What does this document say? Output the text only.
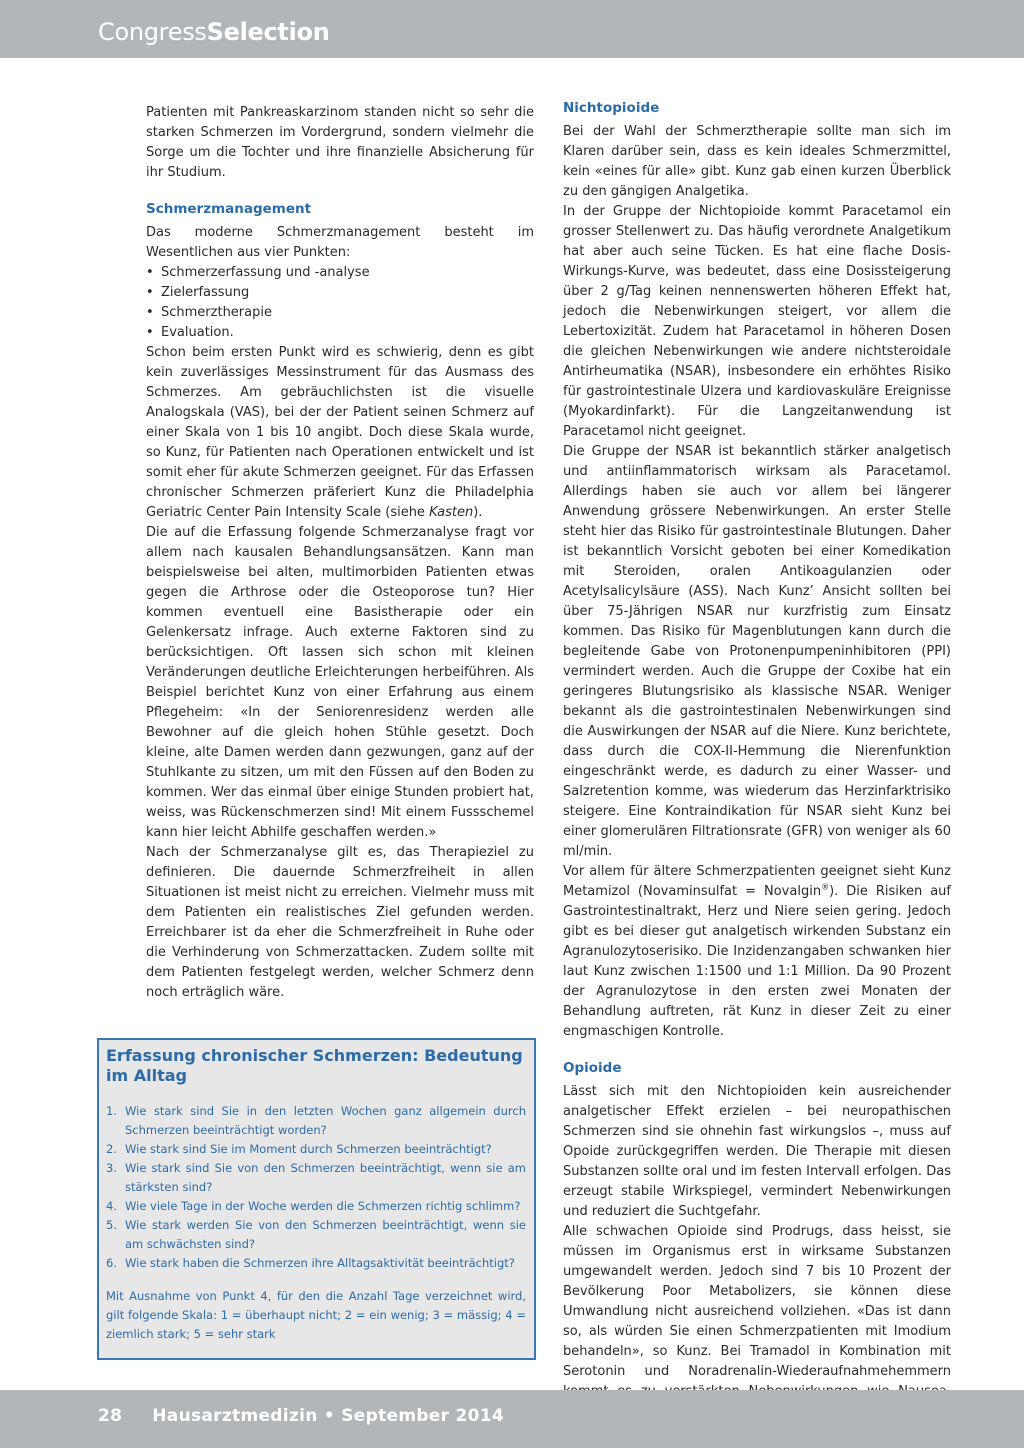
CongressSelection

Patienten mit Pankreaskarzinom standen nicht so sehr die starken Schmerzen im Vordergrund, sondern vielmehr die Sorge um die Tochter und ihre finanzielle Absicherung für ihr Studium.

Schmerzmanagement

Das moderne Schmerzmanagement besteht im Wesentlichen aus vier Punkten:

• Schmerzerfassung und -analyse
• Zielerfassung
• Schmerztherapie
• Evaluation.

Schon beim ersten Punkt wird es schwierig, denn es gibt kein zuverlässiges Messinstrument für das Ausmass des Schmerzes. Am gebräuchlichsten ist die visuelle Analogskala (VAS), bei der der Patient seinen Schmerz auf einer Skala von 1 bis 10 angibt. Doch diese Skala wurde, so Kunz, für Patienten nach Operationen entwickelt und ist somit eher für akute Schmerzen geeignet. Für das Erfassen chronischer Schmerzen präferiert Kunz die Philadelphia Geriatric Center Pain Intensity Scale (siehe Kasten).

Die auf die Erfassung folgende Schmerzanalyse fragt vor allem nach kausalen Behandlungsansätzen. Kann man beispielsweise bei alten, multimorbiden Patienten etwas gegen die Arthrose oder die Osteoporose tun? Hier kommen eventuell eine Basistherapie oder ein Gelenkersatz infrage. Auch externe Faktoren sind zu berücksichtigen. Oft lassen sich schon mit kleinen Veränderungen deutliche Erleichterungen herbeiführen. Als Beispiel berichtet Kunz von einer Erfahrung aus einem Pflegeheim: «In der Seniorenresidenz werden alle Bewohner auf die gleich hohen Stühle gesetzt. Doch kleine, alte Damen werden dann gezwungen, ganz auf der Stuhlkante zu sitzen, um mit den Füssen auf den Boden zu kommen. Wer das einmal über einige Stunden probiert hat, weiss, was Rückenschmerzen sind! Mit einem Fussschemel kann hier leicht Abhilfe geschaffen werden.»

Nach der Schmerzanalyse gilt es, das Therapieziel zu definieren. Die dauernde Schmerzfreiheit in allen Situationen ist meist nicht zu erreichen. Vielmehr muss mit dem Patienten ein realistisches Ziel gefunden werden. Erreichbarer ist da eher die Schmerzfreiheit in Ruhe oder die Verhinderung von Schmerzattacken. Zudem sollte mit dem Patienten festgelegt werden, welcher Schmerz denn noch erträglich wäre.

Erfassung chronischer Schmerzen: Bedeutung im Alltag
1. Wie stark sind Sie in den letzten Wochen ganz allgemein durch Schmerzen beeinträchtigt worden?
2. Wie stark sind Sie im Moment durch Schmerzen beeinträchtigt?
3. Wie stark sind Sie von den Schmerzen beeinträchtigt, wenn sie am stärksten sind?
4. Wie viele Tage in der Woche werden die Schmerzen richtig schlimm?
5. Wie stark werden Sie von den Schmerzen beeinträchtigt, wenn sie am schwächsten sind?
6. Wie stark haben die Schmerzen ihre Alltagsaktivität beeinträchtigt?

Mit Ausnahme von Punkt 4, für den die Anzahl Tage verzeichnet wird, gilt folgende Skala: 1 = überhaupt nicht; 2 = ein wenig; 3 = mässig; 4 = ziemlich stark; 5 = sehr stark

Nichtopioide

Bei der Wahl der Schmerztherapie sollte man sich im Klaren darüber sein, dass es kein ideales Schmerzmittel, kein «eines für alle» gibt. Kunz gab einen kurzen Überblick zu den gängigen Analgetika.

In der Gruppe der Nichtopioide kommt Paracetamol ein grosser Stellenwert zu. Das häufig verordnete Analgetikum hat aber auch seine Tücken. Es hat eine flache Dosis-Wirkungs-Kurve, was bedeutet, dass eine Dosissteigerung über 2 g/Tag keinen nennenswerten höheren Effekt hat, jedoch die Nebenwirkungen steigert, vor allem die Lebertoxizität. Zudem hat Paracetamol in höheren Dosen die gleichen Nebenwirkungen wie andere nichtsteroidale Antirheumatika (NSAR), insbesondere ein erhöhtes Risiko für gastrointestinale Ulzera und kardiovaskuläre Ereignisse (Myokardinfarkt). Für die Langzeitanwendung ist Paracetamol nicht geeignet.

Die Gruppe der NSAR ist bekanntlich stärker analgetisch und antiinflammatorisch wirksam als Paracetamol. Allerdings haben sie auch vor allem bei längerer Anwendung grössere Nebenwirkungen. An erster Stelle steht hier das Risiko für gastrointestinale Blutungen. Daher ist bekanntlich Vorsicht geboten bei einer Komedikation mit Steroiden, oralen Antikoagulanzien oder Acetylsalicylsäure (ASS). Nach Kunz’ Ansicht sollten bei über 75-Jährigen NSAR nur kurzfristig zum Einsatz kommen. Das Risiko für Magenblutungen kann durch die begleitende Gabe von Protonenpumpeninhibitoren (PPI) vermindert werden. Auch die Gruppe der Coxibe hat ein geringeres Blutungsrisiko als klassische NSAR. Weniger bekannt als die gastrointestinalen Nebenwirkungen sind die Auswirkungen der NSAR auf die Niere. Kunz berichtete, dass durch die COX-II-Hemmung die Nierenfunktion eingeschränkt werde, es dadurch zu einer Wasser- und Salzretention komme, was wiederum das Herzinfarktrisiko steigere. Eine Kontraindikation für NSAR sieht Kunz bei einer glomerulären Filtrationsrate (GFR) von weniger als 60 ml/min.

Vor allem für ältere Schmerzpatienten geeignet sieht Kunz Metamizol (Novaminsulfat = Novalgin®). Die Risiken auf Gastrointestinaltrakt, Herz und Niere seien gering. Jedoch gibt es bei dieser gut analgetisch wirkenden Substanz ein Agranulozytoserisiko. Die Inzidenzangaben schwanken hier laut Kunz zwischen 1:1500 und 1:1 Million. Da 90 Prozent der Agranulozytose in den ersten zwei Monaten der Behandlung auftreten, rät Kunz in dieser Zeit zu einer engmaschigen Kontrolle.

Opioide

Lässt sich mit den Nichtopioiden kein ausreichender analgetischer Effekt erzielen – bei neuropathischen Schmerzen sind sie ohnehin fast wirkungslos –, muss auf Opoide zurückgegriffen werden. Die Therapie mit diesen Substanzen sollte oral und im festen Intervall erfolgen. Das erzeugt stabile Wirkspiegel, vermindert Nebenwirkungen und reduziert die Suchtgefahr.

Alle schwachen Opioide sind Prodrugs, dass heisst, sie müssen im Organismus erst in wirksame Substanzen umgewandelt werden. Jedoch sind 7 bis 10 Prozent der Bevölkerung Poor Metabolizers, sie können diese Umwandlung nicht ausreichend vollziehen. «Das ist dann so, als würden Sie einen Schmerzpatienten mit Imodium behandeln», so Kunz. Bei Tramadol in Kombination mit Serotonin und Noradrenalin-Wiederaufnahmehemmern

28 Hausarztmedizin • September 2014
